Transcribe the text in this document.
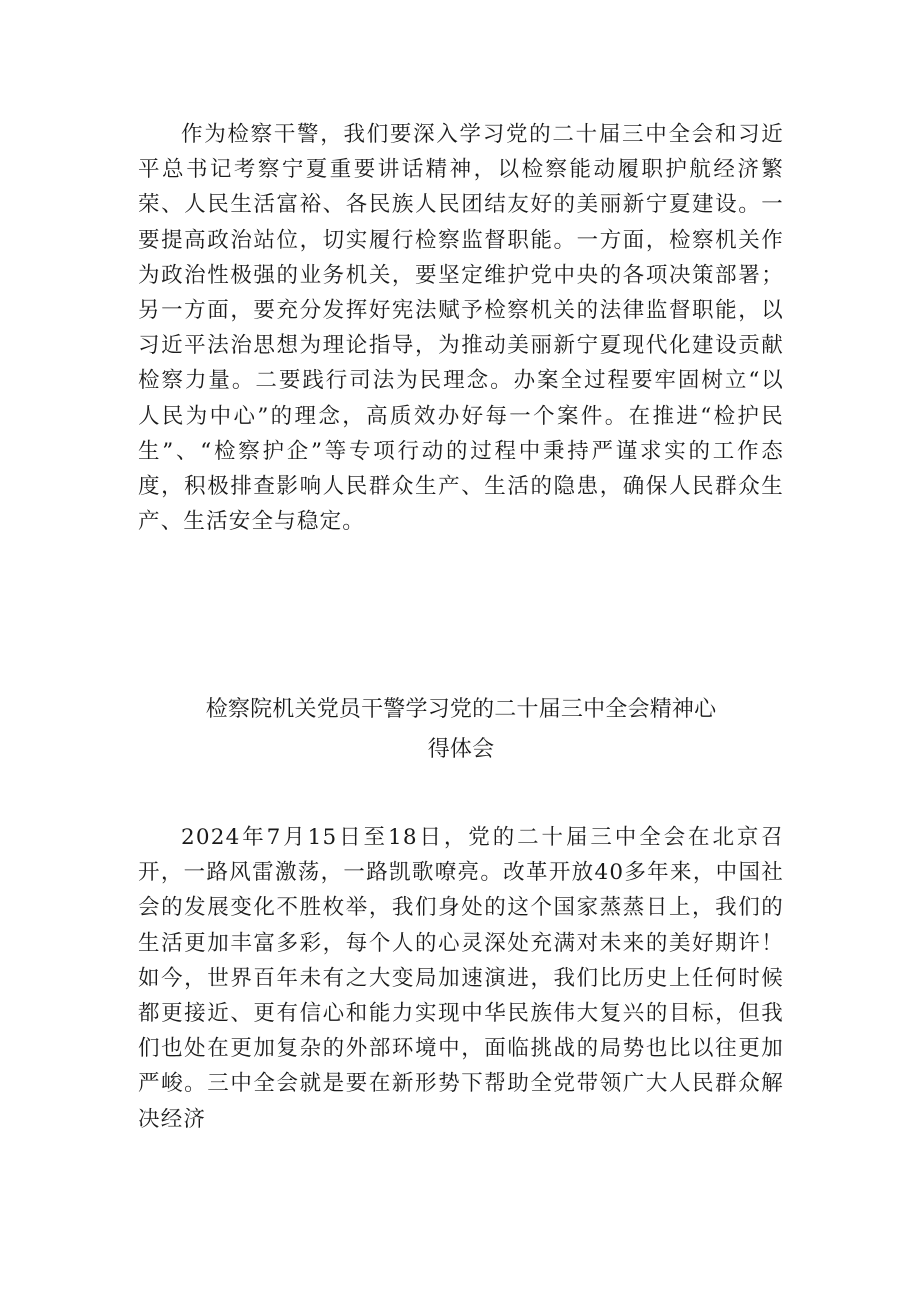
作为检察干警，我们要深入学习党的二十届三中全会和习近平总书记考察宁夏重要讲话精神，以检察能动履职护航经济繁荣、人民生活富裕、各民族人民团结友好的美丽新宁夏建设。一要提高政治站位，切实履行检察监督职能。一方面，检察机关作为政治性极强的业务机关，要坚定维护党中央的各项决策部署；另一方面，要充分发挥好宪法赋予检察机关的法律监督职能，以习近平法治思想为理论指导，为推动美丽新宁夏现代化建设贡献检察力量。二要践行司法为民理念。办案全过程要牢固树立“以人民为中心”的理念，高质效办好每一个案件。在推进“检护民生”、“检察护企”等专项行动的过程中秉持严谨求实的工作态度，积极排查影响人民群众生产、生活的隐患，确保人民群众生产、生活安全与稳定。

检察院机关党员干警学习党的二十届三中全会精神心
得体会

2024年7月15日至18日，党的二十届三中全会在北京召开，一路风雷激荡，一路凯歌嘹亮。改革开放40多年来，中国社会的发展变化不胜枚举，我们身处的这个国家蒸蒸日上，我们的生活更加丰富多彩，每个人的心灵深处充满对未来的美好期许！如今，世界百年未有之大变局加速演进，我们比历史上任何时候都更接近、更有信心和能力实现中华民族伟大复兴的目标，但我们也处在更加复杂的外部环境中，面临挑战的局势也比以往更加严峻。三中全会就是要在新形势下帮助全党带领广大人民群众解决经济
